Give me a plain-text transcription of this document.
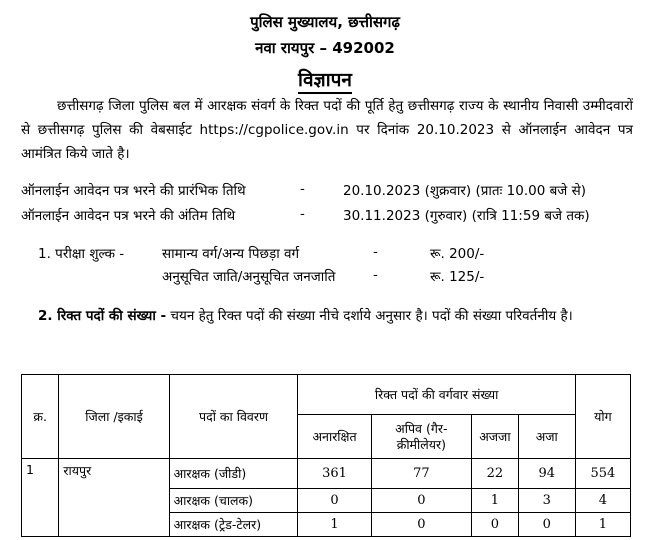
पुलिस मुख्यालय, छत्तीसगढ़
नवा रायपुर – 492002
विज्ञापन
छत्तीसगढ़ जिला पुलिस बल में आरक्षक संवर्ग के रिक्त पदों की पूर्ति हेतु छत्तीसगढ़ राज्य के स्थानीय निवासी उम्मीदवारों से छत्तीसगढ़ पुलिस की वेबसाईट https://cgpolice.gov.in पर दिनांक 20.10.2023 से ऑनलाईन आवेदन पत्र आमंत्रित किये जाते है।
ऑनलाईन आवेदन पत्र भरने की प्रारंभिक तिथि	-	20.10.2023 (शुक्रवार) (प्रातः 10.00 बजे से)
ऑनलाईन आवेदन पत्र भरने की अंतिम तिथि	-	30.11.2023 (गुरुवार) (रात्रि 11:59 बजे तक)
1. परीक्षा शुल्क -	सामान्य वर्ग/अन्य पिछड़ा वर्ग	-	रू. 200/-
अनुसूचित जाति/अनुसूचित जनजाति	-	रू. 125/-
2. रिक्त पदों की संख्या - चयन हेतु रिक्त पदों की संख्या नीचे दर्शाये अनुसार है। पदों की संख्या परिवर्तनीय है।
क्र.	जिला /इकाई	पदों का विवरण	रिक्त पदों की वर्गवार संख्या				योग
			अनारक्षित	अपिव (गैर-क्रीमीलेयर)	अजजा	अजा	
1	रायपुर	आरक्षक (जीडी)	361	77	22	94	554
		आरक्षक (चालक)	0	0	1	3	4
		आरक्षक (ट्रेड-टेलर)	1	0	0	0	1
